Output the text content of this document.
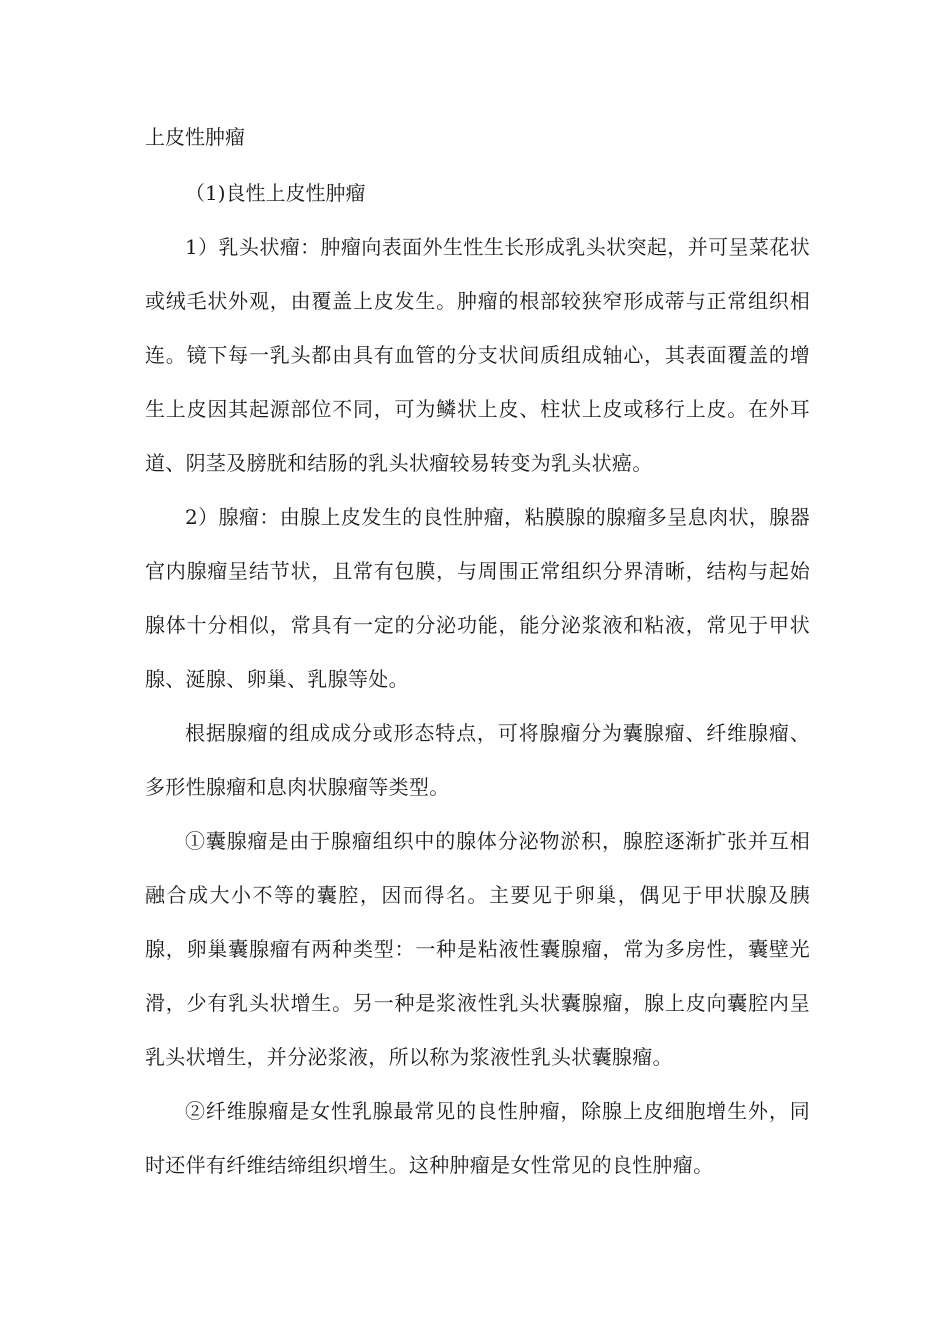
上皮性肿瘤

（1)良性上皮性肿瘤

1）乳头状瘤：肿瘤向表面外生性生长形成乳头状突起，并可呈菜花状或绒毛状外观，由覆盖上皮发生。肿瘤的根部较狭窄形成蒂与正常组织相连。镜下每一乳头都由具有血管的分支状间质组成轴心，其表面覆盖的增生上皮因其起源部位不同，可为鳞状上皮、柱状上皮或移行上皮。在外耳道、阴茎及膀胱和结肠的乳头状瘤较易转变为乳头状癌。

2）腺瘤：由腺上皮发生的良性肿瘤，粘膜腺的腺瘤多呈息肉状，腺器官内腺瘤呈结节状，且常有包膜，与周围正常组织分界清晰，结构与起始腺体十分相似，常具有一定的分泌功能，能分泌浆液和粘液，常见于甲状腺、涎腺、卵巢、乳腺等处。

根据腺瘤的组成成分或形态特点，可将腺瘤分为囊腺瘤、纤维腺瘤、多形性腺瘤和息肉状腺瘤等类型。

①囊腺瘤是由于腺瘤组织中的腺体分泌物淤积，腺腔逐渐扩张并互相融合成大小不等的囊腔，因而得名。主要见于卵巢，偶见于甲状腺及胰腺，卵巢囊腺瘤有两种类型：一种是粘液性囊腺瘤，常为多房性，囊壁光滑，少有乳头状增生。另一种是浆液性乳头状囊腺瘤，腺上皮向囊腔内呈乳头状增生，并分泌浆液，所以称为浆液性乳头状囊腺瘤。

②纤维腺瘤是女性乳腺最常见的良性肿瘤，除腺上皮细胞增生外，同时还伴有纤维结缔组织增生。这种肿瘤是女性常见的良性肿瘤。
